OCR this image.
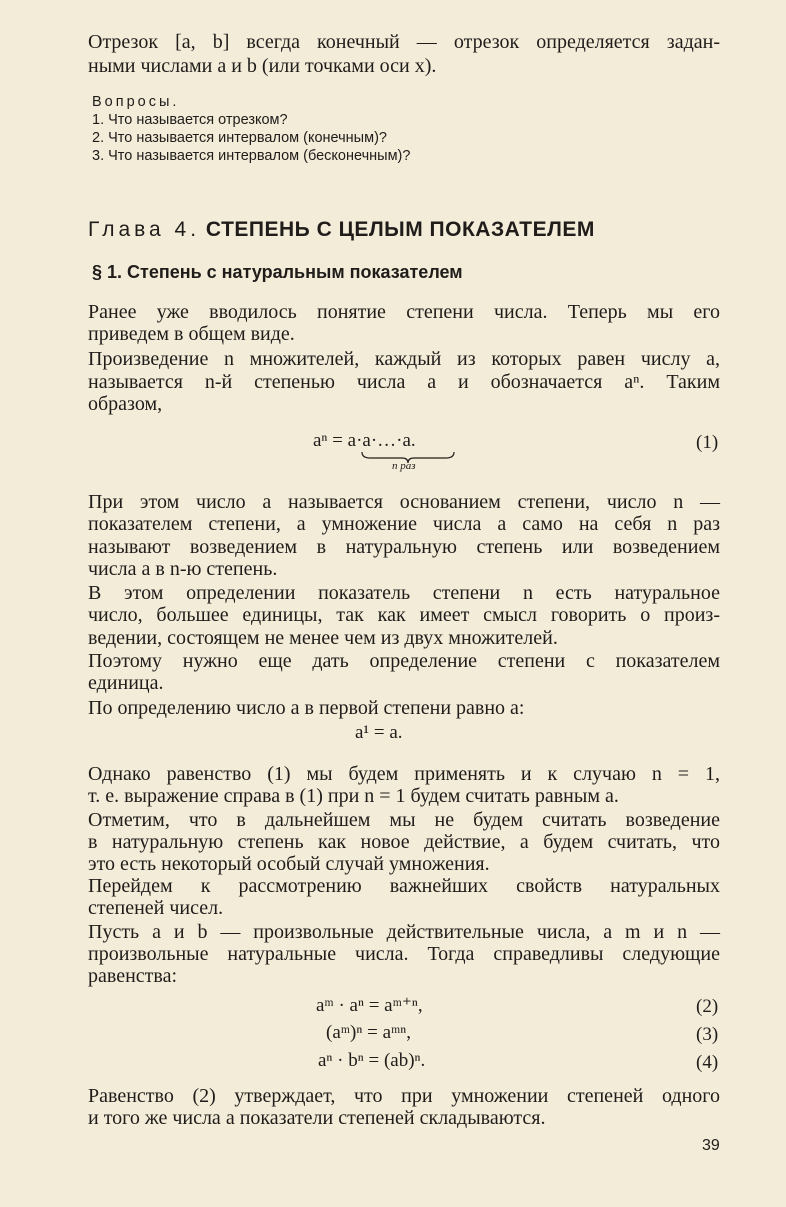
Отрезок [a, b] всегда конечный — отрезок определяется задан-
ными числами a и b (или точками оси x).
Вопросы.
1. Что называется отрезком?
2. Что называется интервалом (конечным)?
3. Что называется интервалом (бесконечным)?
Глава 4. СТЕПЕНЬ С ЦЕЛЫМ ПОКАЗАТЕЛЕМ
§ 1. Степень с натуральным показателем
Ранее уже вводилось понятие степени числа. Теперь мы его
приведем в общем виде.
Произведение n множителей, каждый из которых равен числу a,
называется n-й степенью числа a и обозначается aⁿ. Таким
образом,
aⁿ = a·a·…·a.
n раз
(1)
При этом число a называется основанием степени, число n —
показателем степени, а умножение числа a само на себя n раз
называют возведением в натуральную степень или возведением
числа a в n-ю степень.
В этом определении показатель степени n есть натуральное
число, большее единицы, так как имеет смысл говорить о произ-
ведении, состоящем не менее чем из двух множителей.
Поэтому нужно еще дать определение степени с показателем
единица.
По определению число a в первой степени равно a:
a¹ = a.
Однако равенство (1) мы будем применять и к случаю n = 1,
т. е. выражение справа в (1) при n = 1 будем считать равным a.
Отметим, что в дальнейшем мы не будем считать возведение
в натуральную степень как новое действие, а будем считать, что
это есть некоторый особый случай умножения.
Перейдем к рассмотрению важнейших свойств натуральных
степеней чисел.
Пусть a и b — произвольные действительные числа, а m и n —
произвольные натуральные числа. Тогда справедливы следующие
равенства:
aᵐ · aⁿ = aᵐ⁺ⁿ,	(2)
(aᵐ)ⁿ = aᵐⁿ,	(3)
aⁿ · bⁿ = (ab)ⁿ.	(4)
Равенство (2) утверждает, что при умножении степеней одного
и того же числа a показатели степеней складываются.
39
